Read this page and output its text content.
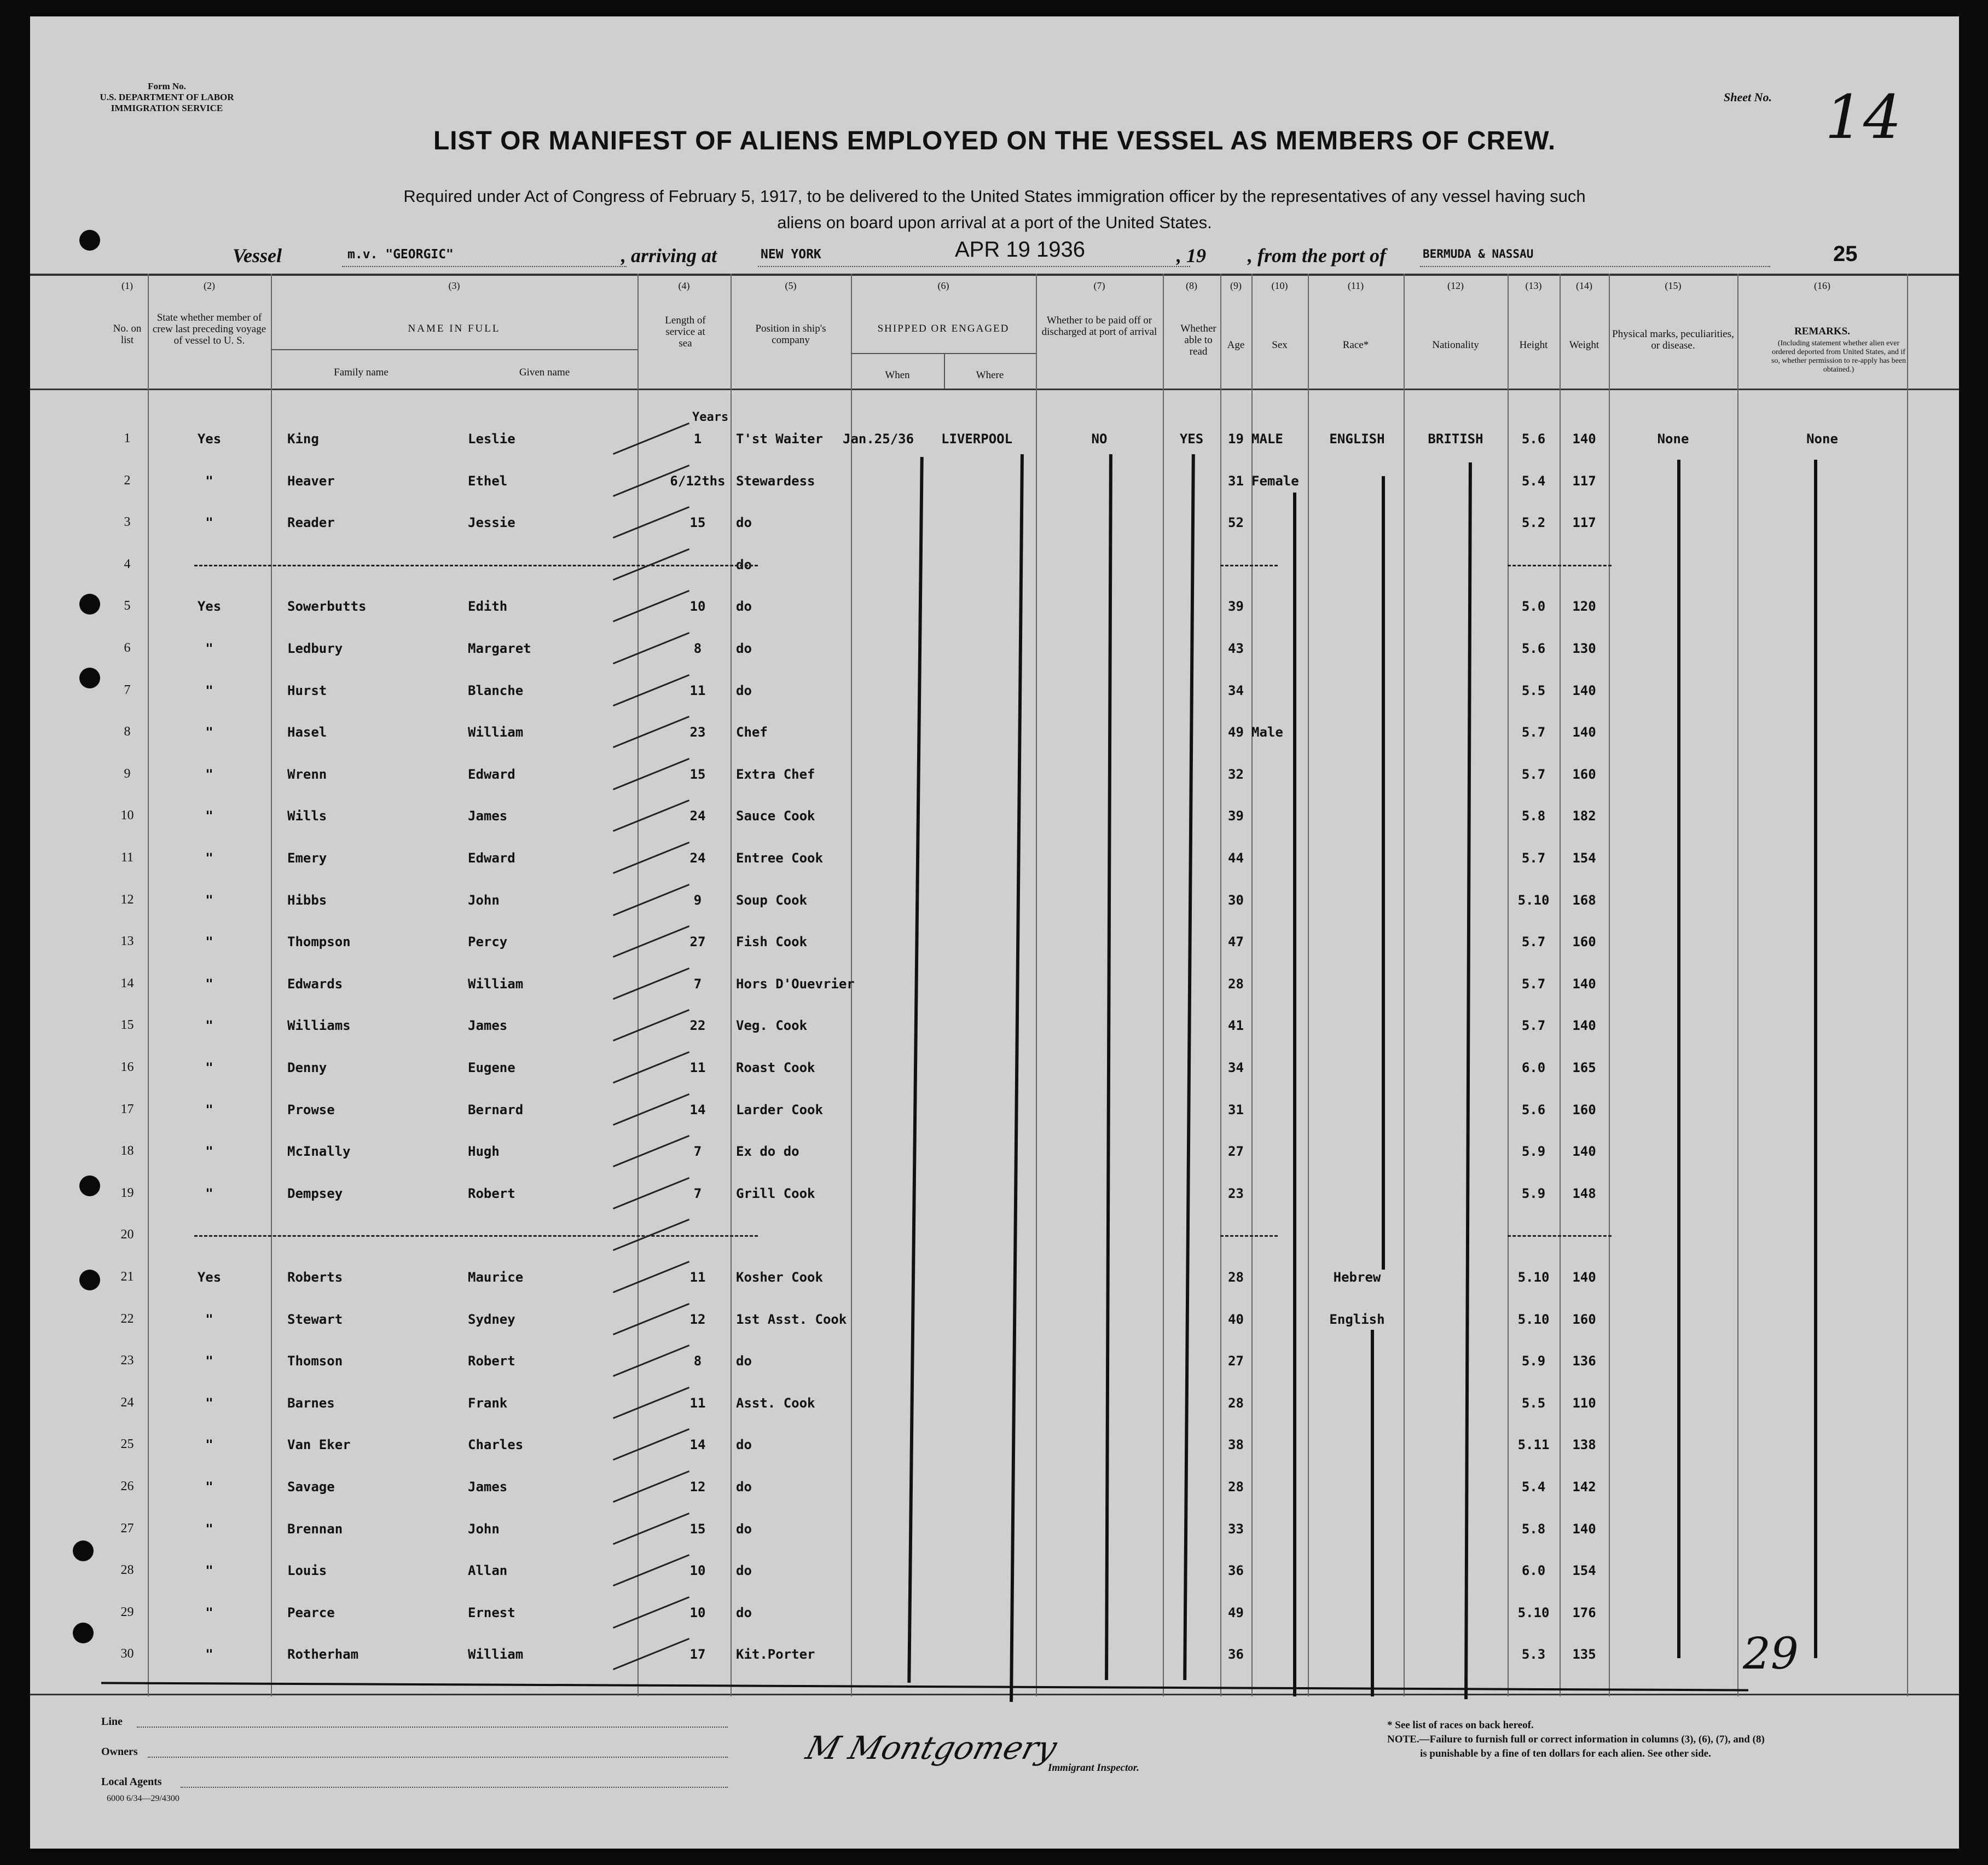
Form No.
U.S. DEPARTMENT OF LABOR
IMMIGRATION SERVICE
Sheet No. 14
LIST OR MANIFEST OF ALIENS EMPLOYED ON THE VESSEL AS MEMBERS OF CREW.
Required under Act of Congress of February 5, 1917, to be delivered to the United States immigration officer by the representatives of any vessel having such
aliens on board upon arrival at a port of the United States.
Vessel	m.v. "GEORGIC"	, arriving at	NEW YORK	APR 19 1936	, 19 , from the port of	BERMUDA & NASSAU	25
(2)
(1)	(3)	(4)	(5)	(6)	(7)	(8)	(9)	(10)	(11)	(12)	(13)	(14)	(15)	(16)
No. on list
State whether member of crew last preceding voyage of vessel to U. S.
NAME IN FULL
Family name	Given name
Length of service at sea
Position in ship's company
SHIPPED OR ENGAGED
When	Where
Whether to be paid off or discharged at port of arrival	Whether able to read
Age	Sex	Race*	Nationality	Height	Weight
Physical marks, peculiarities, or disease.
REMARKS.
(Including statement whether alien ever ordered deported from United States, and if so, whether permission to re-apply has been obtained.)
Years
1	Yes	King	Leslie	1	T'st Waiter	Jan.25/36	LIVERPOOL	NO	YES	19 MALE	ENGLISH	BRITISH	5.6	140	None	None
2	"	Heaver	Ethel	6/12ths Stewardess	31 Female	5.4	117
3	"	Reader	Jessie	15	do	52	5.2	117
4	do
5	Yes	Sowerbutts	Edith	10	do	39	5.0	120
6	"	Ledbury	Margaret	8	do	43	5.6	130
7	"	Hurst	Blanche	11	do	34	5.5	140
8	"	Hasel	William	23	Chef	49 Male	5.7	140
9	"	Wrenn	Edward	15	Extra Chef	32	5.7	160
10	"	Wills	James	24	Sauce Cook	39	5.8	182
11	"	Emery	Edward	24	Entree Cook	44	5.7	154
12	"	Hibbs	John	9	Soup Cook	30	5.10	168
13	"	Thompson	Percy	27	Fish Cook	47	5.7	160
14	"	Edwards	William	7	Hors D'Ouevrier	28	5.7	140
15	"	Williams	James	22	Veg. Cook	41	5.7	140
16	"	Denny	Eugene	11	Roast Cook	34	6.0	165
17	"	Prowse	Bernard	14	Larder Cook	31	5.6	160
18	"	McInally	Hugh	7	Ex do do	27	5.9	140
19	"	Dempsey	Robert	7	Grill Cook	23	5.9	148
20
21	Yes	Roberts	Maurice	11	Kosher Cook	28	Hebrew	5.10	140
22	"	Stewart	Sydney	12	1st Asst. Cook	40	English	5.10	160
23	"	Thomson	Robert	8	do	27	5.9	136
24	"	Barnes	Frank	11	Asst. Cook	28	5.5	110
25	"	Van Eker	Charles	14	do	38	5.11	138
26	"	Savage	James	12	do	28	5.4	142
27	"	Brennan	John	15	do	33	5.8	140
28	"	Louis	Allan	10	do	36	6.0	154
29	"	Pearce	Ernest	10	do	49	5.10	176
30	"	Rotherham	William	17	Kit.Porter	36	5.3	135	29
Line
Owners
Local Agents
6000 6/34—29/4300
M Montgomery
Immigrant Inspector.
* See list of races on back hereof.
NOTE.—Failure to furnish full or correct information in columns (3), (6), (7), and (8)
is punishable by a fine of ten dollars for each alien. See other side.
